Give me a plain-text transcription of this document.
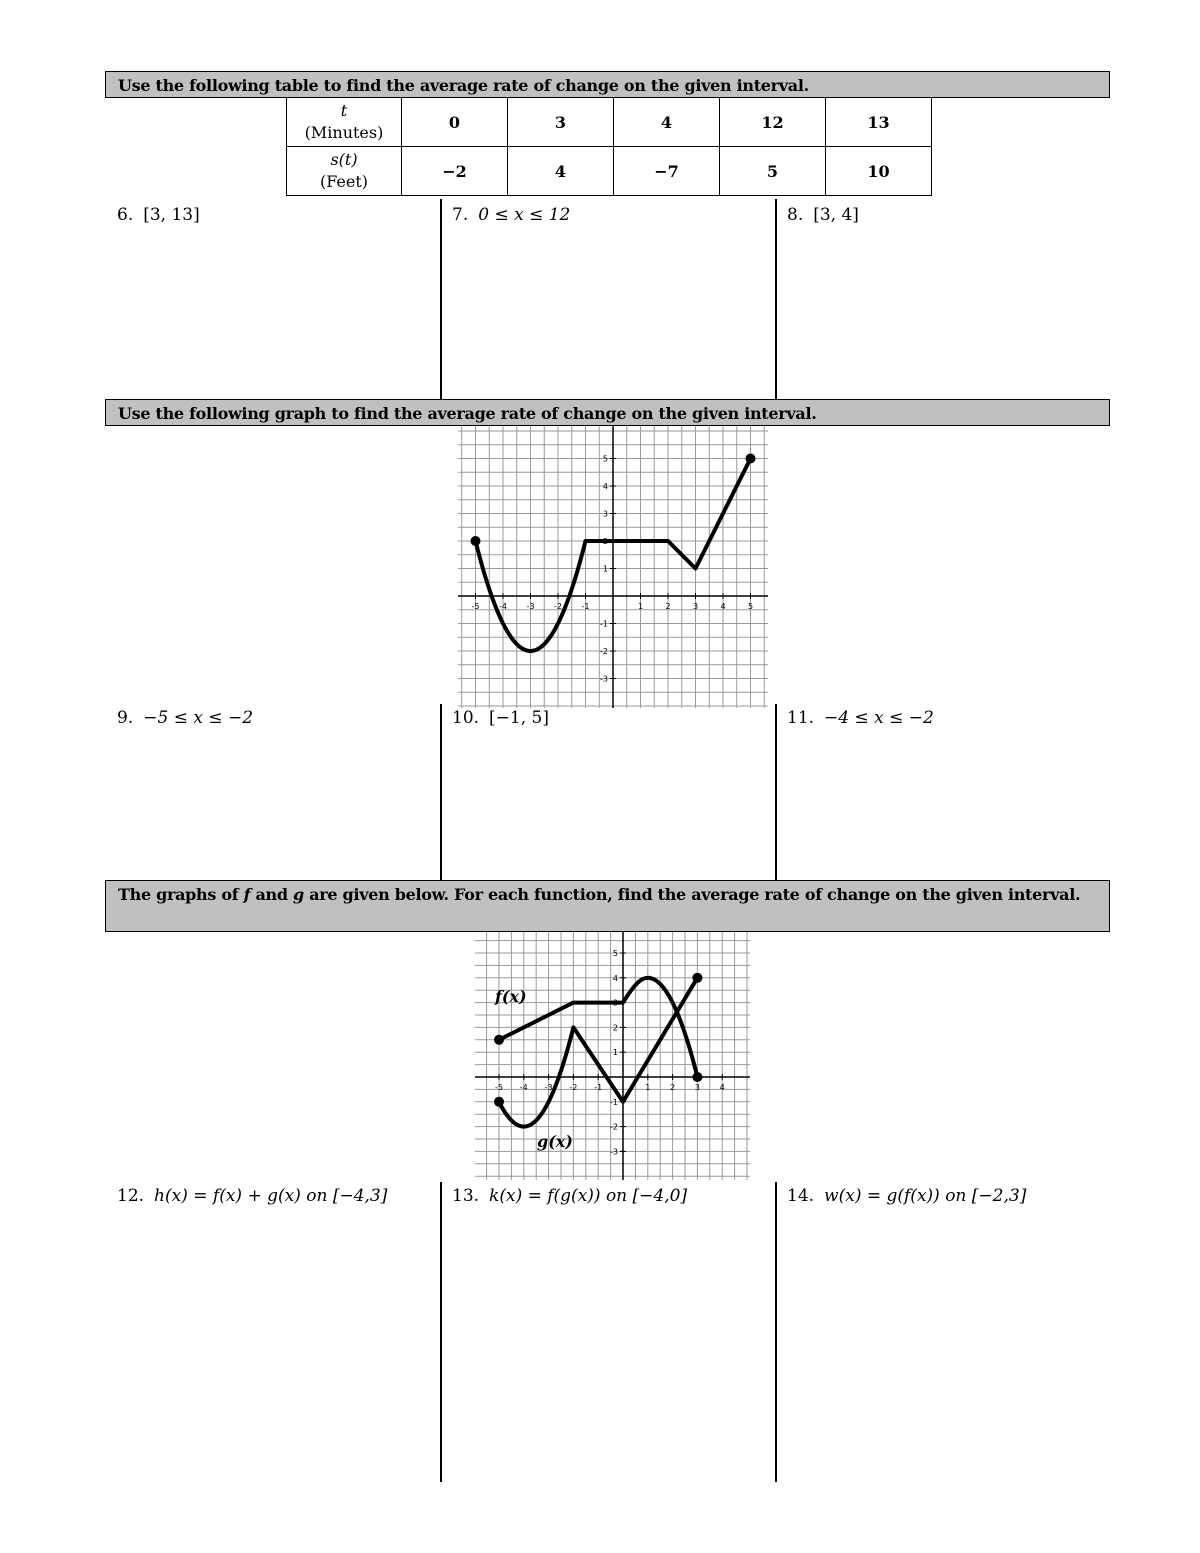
Use the following table to find the average rate of change on the given interval.
t
(Minutes)	0	3	4	12	13
s(t)
(Feet)	−2	4	−7	5	10
6. [3, 13]	7. 0 ≤ x ≤ 12	8. [3, 4]
Use the following graph to find the average rate of change on the given interval.
-5 -4 -3 -2 -1	1	2	3	4	5
5
4
3
2
1
-1
-2
-3
9. −5 ≤ x ≤ −2	10. [−1, 5]	11. −4 ≤ x ≤ −2
The graphs of f and g are given below. For each function, find the average rate of change on the given interval.
-5 -4 -3 -2 -1	1 2 3 4
5
4
3
2
1
-1
-2
-3
f(x)
g(x)
12. h(x) = f(x) + g(x) on [−4,3]	13. k(x) = f(g(x)) on [−4,0]	14. w(x) = g(f(x)) on [−2,3]
